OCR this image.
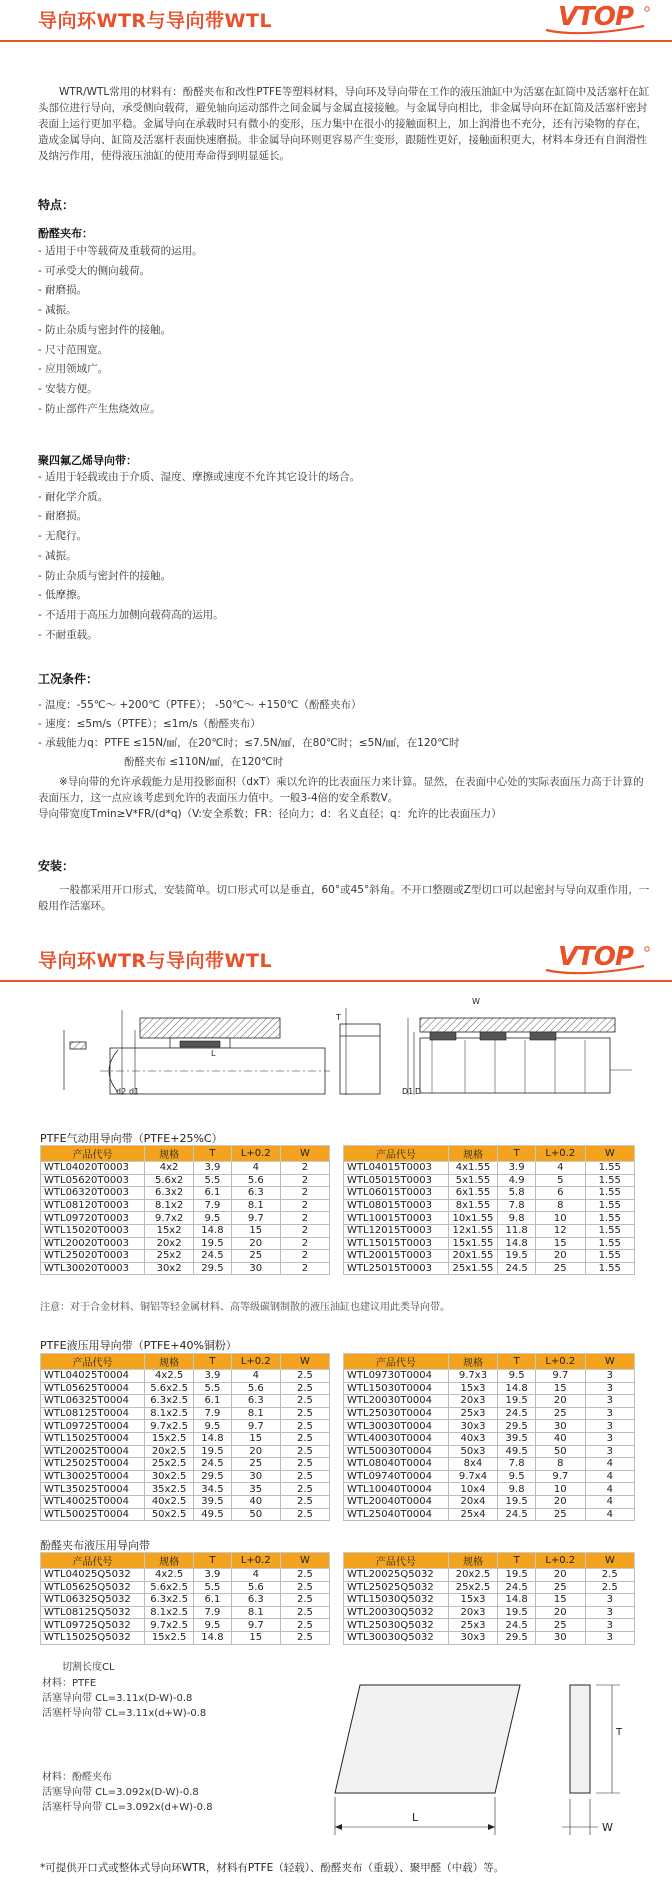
导向环WTR与导向带WTL	VTOP
WTR/WTL常用的材料有：酚醛夹布和改性PTFE等塑料材料，导向环及导向带在工作的液压油缸中为活塞在缸筒中及活塞杆在缸头部位进行导向，承受侧向载荷，避免轴向运动部件之间金属与金属直接接触。与金属导向相比，非金属导向环在缸筒及活塞杆密封表面上运行更加平稳。金属导向在承载时只有微小的变形，压力集中在很小的接触面积上，加上润滑也不充分，还有污染物的存在，造成金属导向、缸筒及活塞杆表面快速磨损。非金属导向环则更容易产生变形，跟随性更好，接触面积更大，材料本身还有自润滑性及纳污作用，使得液压油缸的使用寿命得到明显延长。
特点：
酚醛夹布：
- 适用于中等载荷及重载荷的运用。
- 可承受大的侧向载荷。
- 耐磨损。
- 减振。
- 防止杂质与密封件的接触。
- 尺寸范围宽。
- 应用领域广。
- 安装方便。
- 防止部件产生焦烧效应。
聚四氟乙烯导向带：
- 适用于轻载或由于介质、湿度、摩擦或速度不允许其它设计的场合。
- 耐化学介质。
- 耐磨损。
- 无爬行。
- 减振。
- 防止杂质与密封件的接触。
- 低摩擦。
- 不适用于高压力加侧向载荷高的运用。
- 不耐重载。
工况条件：
- 温度：-55℃～ +200℃（PTFE）； -50℃～ +150℃（酚醛夹布）
- 速度：≤5m/s（PTFE）；≤1m/s（酚醛夹布）
- 承载能力q：PTFE ≤15N/㎟，在20℃时；≤7.5N/㎟，在80℃时；≤5N/㎟，在120℃时
酚醛夹布 ≤110N/㎟，在120℃时
※导向带的允许承载能力是用投影面积（dxT）乘以允许的比表面压力来计算。显然，在表面中心处的实际表面压力高于计算的表面压力，这一点应该考虑到允许的表面压力值中。一般3-4倍的安全系数V。
导向带宽度Tmin≥V*FR/(d*q)（V:安全系数；FR：径向力；d：名义直径；q：允许的比表面压力）
安装：
一般都采用开口形式，安装简单。切口形式可以是垂直，60°或45°斜角。不开口整圈或Z型切口可以起密封与导向双重作用，一般用作活塞环。
导向环WTR与导向带WTL	VTOP
d2 d1
L
T
W
D1 D
PTFE气动用导向带（PTFE+25%C）
产品代号	规格	T	L+0.2	W
WTL04020T0003	4x2	3.9	4	2
WTL05620T0003	5.6x2	5.5	5.6	2
WTL06320T0003	6.3x2	6.1	6.3	2
WTL08120T0003	8.1x2	7.9	8.1	2
WTL09720T0003	9.7x2	9.5	9.7	2
WTL15020T0003	15x2	14.8	15	2
WTL20020T0003	20x2	19.5	20	2
WTL25020T0003	25x2	24.5	25	2
WTL30020T0003	30x2	29.5	30	2
产品代号	规格	T	L+0.2	W
WTL04015T0003	4x1.55	3.9	4	1.55
WTL05015T0003	5x1.55	4.9	5	1.55
WTL06015T0003	6x1.55	5.8	6	1.55
WTL08015T0003	8x1.55	7.8	8	1.55
WTL10015T0003	10x1.55	9.8	10	1.55
WTL12015T0003	12x1.55	11.8	12	1.55
WTL15015T0003	15x1.55	14.8	15	1.55
WTL20015T0003	20x1.55	19.5	20	1.55
WTL25015T0003	25x1.55	24.5	25	1.55
注意：对于合金材料、铜铝等轻金属材料、高等级碳钢制散的液压油缸也建议用此类导向带。
PTFE液压用导向带（PTFE+40%铜粉）
产品代号	规格	T	L+0.2	W
WTL04025T0004	4x2.5	3.9	4	2.5
WTL05625T0004	5.6x2.5	5.5	5.6	2.5
WTL06325T0004	6.3x2.5	6.1	6.3	2.5
WTL08125T0004	8.1x2.5	7.9	8.1	2.5
WTL09725T0004	9.7x2.5	9.5	9.7	2.5
WTL15025T0004	15x2.5	14.8	15	2.5
WTL20025T0004	20x2.5	19.5	20	2.5
WTL25025T0004	25x2.5	24.5	25	2.5
WTL30025T0004	30x2.5	29.5	30	2.5
WTL35025T0004	35x2.5	34.5	35	2.5
WTL40025T0004	40x2.5	39.5	40	2.5
WTL50025T0004	50x2.5	49.5	50	2.5
产品代号	规格	T	L+0.2	W
WTL09730T0004	9.7x3	9.5	9.7	3
WTL15030T0004	15x3	14.8	15	3
WTL20030T0004	20x3	19.5	20	3
WTL25030T0004	25x3	24.5	25	3
WTL30030T0004	30x3	29.5	30	3
WTL40030T0004	40x3	39.5	40	3
WTL50030T0004	50x3	49.5	50	3
WTL08040T0004	8x4	7.8	8	4
WTL09740T0004	9.7x4	9.5	9.7	4
WTL10040T0004	10x4	9.8	10	4
WTL20040T0004	20x4	19.5	20	4
WTL25040T0004	25x4	24.5	25	4
酚醛夹布液压用导向带
产品代号	规格	T	L+0.2	W
WTL04025Q5032	4x2.5	3.9	4	2.5
WTL05625Q5032	5.6x2.5	5.5	5.6	2.5
WTL06325Q5032	6.3x2.5	6.1	6.3	2.5
WTL08125Q5032	8.1x2.5	7.9	8.1	2.5
WTL09725Q5032	9.7x2.5	9.5	9.7	2.5
WTL15025Q5032	15x2.5	14.8	15	2.5
产品代号	规格	T	L+0.2	W
WTL20025Q5032	20x2.5	19.5	20	2.5
WTL25025Q5032	25x2.5	24.5	25	2.5
WTL15030Q5032	15x3	14.8	15	3
WTL20030Q5032	20x3	19.5	20	3
WTL25030Q5032	25x3	24.5	25	3
WTL30030Q5032	30x3	29.5	30	3
切割长度CL
材料：PTFE
活塞导向带 CL=3.11x(D-W)-0.8
活塞杆导向带 CL=3.11x(d+W)-0.8
材料：酚醛夹布
活塞导向带 CL=3.092x(D-W)-0.8
活塞杆导向带 CL=3.092x(d+W)-0.8
L
T
W
*可提供开口式或整体式导向环WTR，材料有PTFE（轻载）、酚醛夹布（重载）、聚甲醛（中载）等。
